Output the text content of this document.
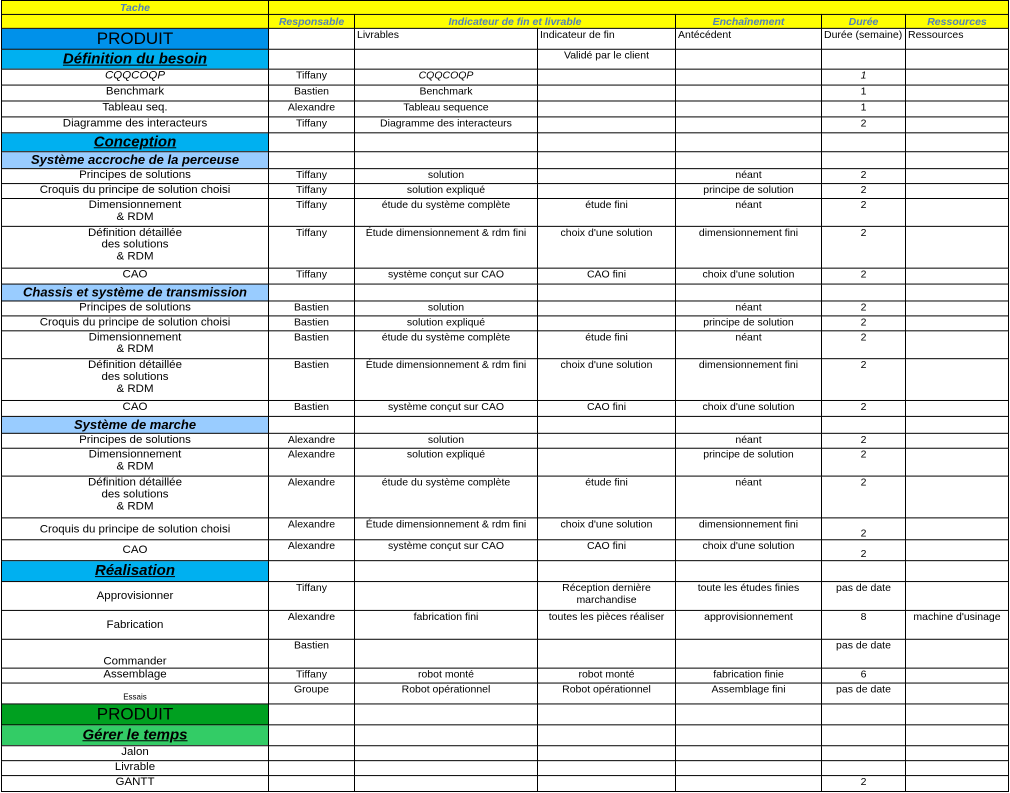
Tache						
	Responsable	Indicateur de fin et livrable		Enchaînement	Durée	Ressources
PRODUIT		Livrables	Indicateur de fin	Antécédent	Durée (semaine)	Ressources
Définition du besoin			Validé par le client			
CQQCOQP	Tiffany	CQQCOQP			1	
Benchmark	Bastien	Benchmark			1	
Tableau seq.	Alexandre	Tableau sequence			1	
Diagramme des interacteurs	Tiffany	Diagramme des interacteurs			2	
Conception						
Système accroche de la perceuse						
Principes de solutions	Tiffany	solution		néant	2	
Croquis du principe de solution choisi	Tiffany	solution expliqué		principe de solution	2	
Dimensionnement
& RDM	Tiffany	étude du système complète	étude fini	néant	2	
Définition détaillée
des solutions
& RDM	Tiffany	Étude dimensionnement & rdm fini	choix d'une solution	dimensionnement fini	2	
CAO	Tiffany	système conçut sur CAO	CAO fini	choix d'une solution	2	
Chassis et système de transmission						
Principes de solutions	Bastien	solution		néant	2	
Croquis du principe de solution choisi	Bastien	solution expliqué		principe de solution	2	
Dimensionnement
& RDM	Bastien	étude du système complète	étude fini	néant	2	
Définition détaillée
des solutions
& RDM	Bastien	Étude dimensionnement & rdm fini	choix d'une solution	dimensionnement fini	2	
CAO	Bastien	système conçut sur CAO	CAO fini	choix d'une solution	2	
Système de marche						
Principes de solutions	Alexandre	solution		néant	2	
Dimensionnement
& RDM	Alexandre	solution expliqué		principe de solution	2	
Définition détaillée
des solutions
& RDM	Alexandre	étude du système complète	étude fini	néant	2	
Croquis du principe de solution choisi	Alexandre	Étude dimensionnement & rdm fini	choix d'une solution	dimensionnement fini	2	
CAO	Alexandre	système conçut sur CAO	CAO fini	choix d'une solution	2	
Réalisation						
Approvisionner	Tiffany		Réception dernière marchandise	toute les études finies	pas de date	
Fabrication	Alexandre	fabrication fini	toutes les pièces réaliser	approvisionnement	8	machine d'usinage
Commander	Bastien				pas de date	
Assemblage	Tiffany	robot monté	robot monté	fabrication finie	6	
Essais	Groupe	Robot opérationnel	Robot opérationnel	Assemblage fini	pas de date	
PRODUIT						
Gérer le temps						
Jalon						
Livrable						
GANTT					2	
